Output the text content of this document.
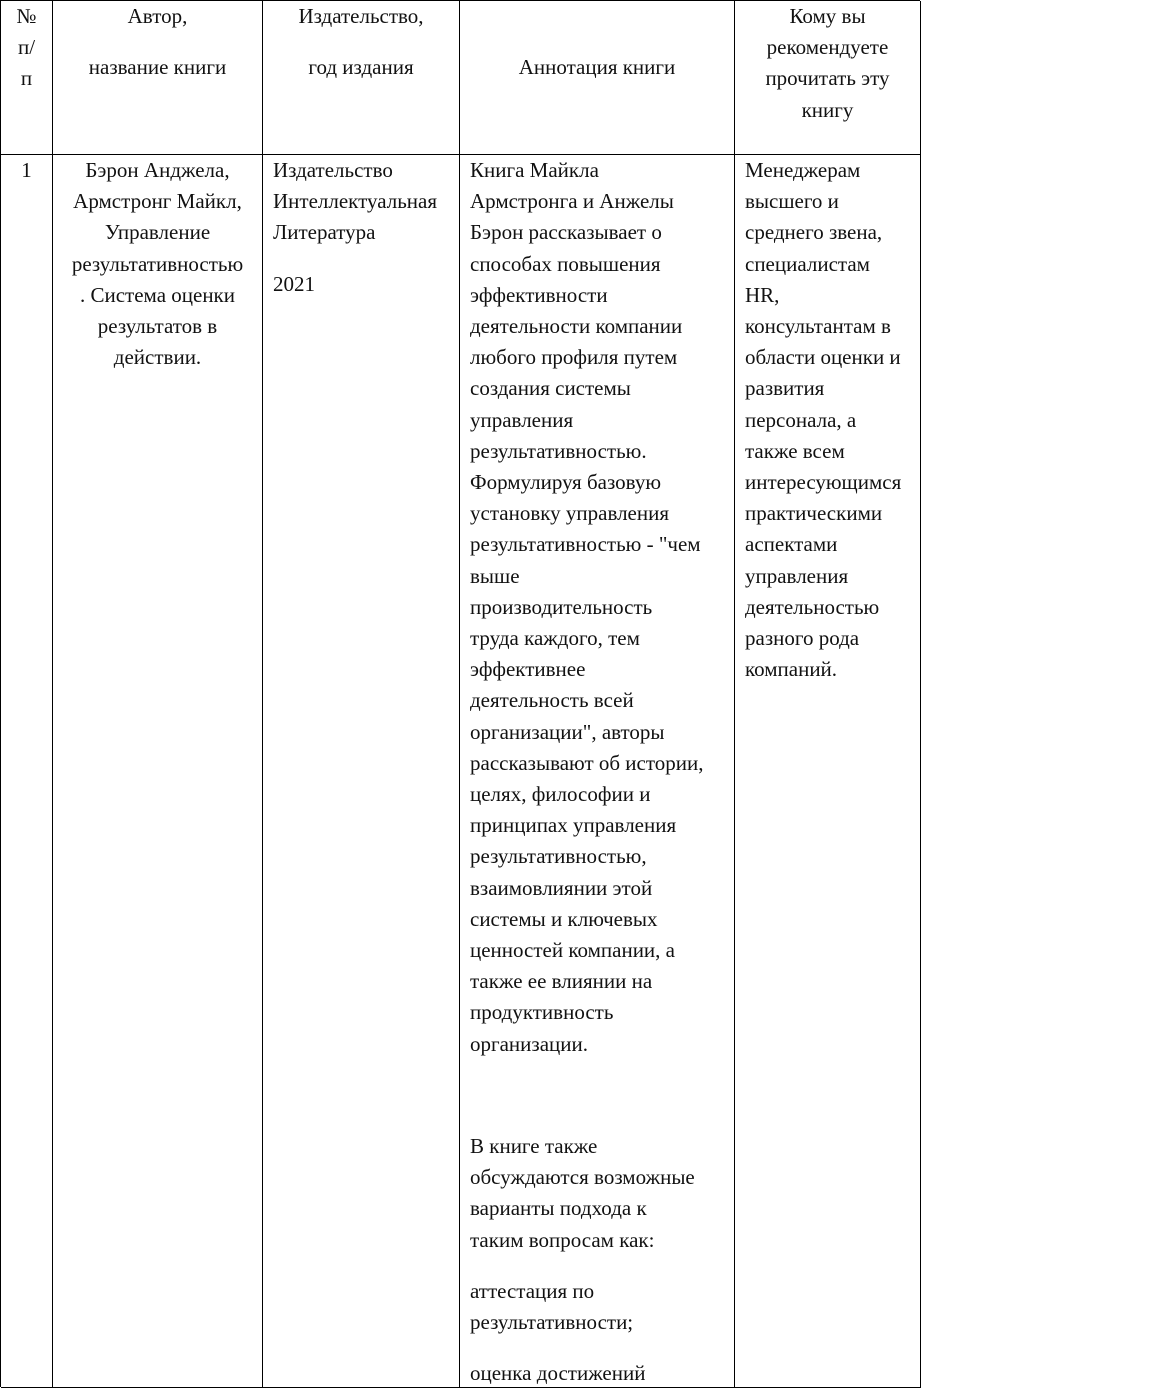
№
п/
п
Автор,
название книги
Издательство,
год издания	Аннотация книги
Кому вы
рекомендуете
прочитать эту
книгу
1	Бэрон Анджела,
Армстронг Майкл,
Управление
результативностью
. Система оценки
результатов в
действии.
Издательство
Интеллектуальная
Литература
2021
Книга Майкла
Армстронга и Анжелы
Бэрон рассказывает о
способах повышения
эффективности
деятельности компании
любого профиля путем
создания системы
управления
результативностью.
Формулируя базовую
установку управления
результативностью - "чем
выше
производительность
труда каждого, тем
эффективнее
деятельность всей
организации", авторы
рассказывают об истории,
целях, философии и
принципах управления
результативностью,
взаимовлиянии этой
системы и ключевых
ценностей компании, а
также ее влиянии на
продуктивность
организации.
В книге также
обсуждаются возможные
варианты подхода к
таким вопросам как:
аттестация по
результативности;
оценка достижений
Менеджерам
высшего и
среднего звена,
специалистам
HR,
консультантам в
области оценки и
развития
персонала, а
также всем
интересующимся
практическими
аспектами
управления
деятельностью
разного рода
компаний.
